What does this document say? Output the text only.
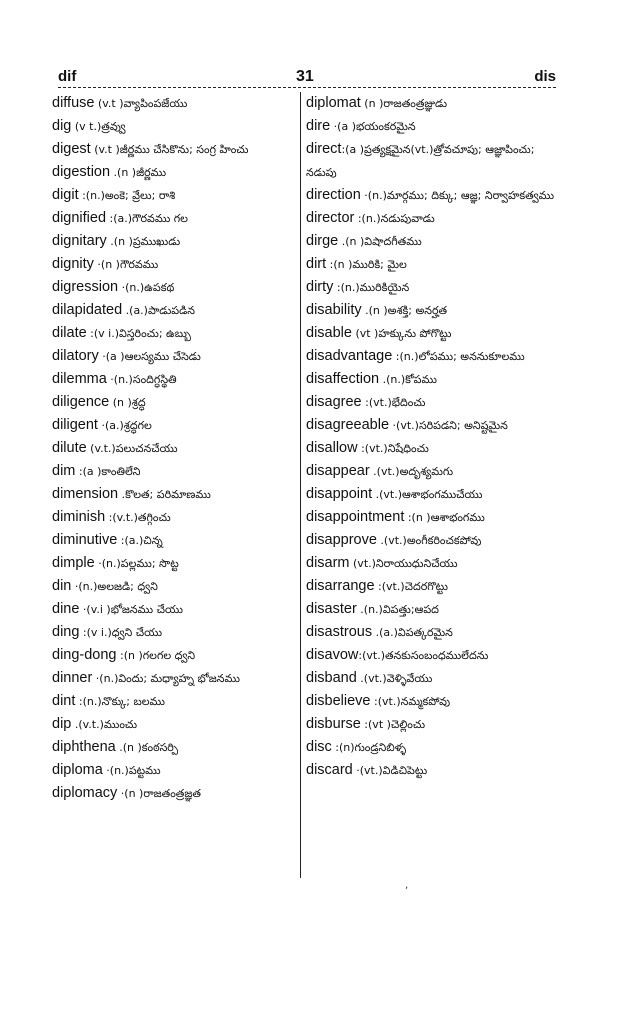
dif	31	dis
diffuse (v.t )వ్యాపింపజేయు
dig (v t.)త్రవ్వు
digest (v.t )జీర్ణము చేసికొను; సంగ్ర హించు
digestion .(n )జీర్ణము
digit :(n.)అంకె; వ్రేలు; రాశి
dignified :(a.)గౌరవము గల
dignitary .(n )ప్రముఖుడు
dignity ·(n )గౌరవము
digression ·(n.)ఉపకథ
dilapidated .(a.)పాడుపడిన
dilate :(v i.)విస్తరించు; ఉబ్బు
dilatory ·(a )ఆలస్యము చేసెడు
dilemma ·(n.)సందిగ్ధస్థితి
diligence (n )శ్రద్ధ
diligent ·(a.)శ్రద్ధగల
dilute (v.t.)పలుచనచేయు
dim :(a )కాంతిలేని
dimension .కొలత; పరిమాణము
diminish :(v.t.)తగ్గించు
diminutive :(a.)చిన్న
dimple ·(n.)పల్లము; సొట్ట
din ·(n.)అలజడి; ధ్వని
dine ·(v.i )భోజనము చేయు
ding :(v i.)ధ్వని చేయు
ding-dong :(n )గలగల ధ్వని
dinner ·(n.)విందు; మధ్యాహ్న భోజనము
dint :(n.)నొక్కు; బలము
dip .(v.t.)ముంచు
diphthena .(n )కంఠసర్పి
diploma ·(n.)పట్టము
diplomacy ·(n )రాజతంత్రజ్ఞత
diplomat (n )రాజతంత్రజ్ఞుడు
dire ·(a )భయంకరమైన
direct:(a )ప్రత్యక్షమైన(vt.)త్రోవచూపు; ఆజ్ఞాపించు; నడుపు
direction ·(n.)మార్గము; దిక్కు; ఆజ్ఞ; నిర్వాహకత్వము
director :(n.)నడుపువాడు
dirge .(n )విషాదగీతము
dirt :(n )మురికి; మైల
dirty :(n.)మురికియైన
disability .(n )అశక్తి; అనర్హత
disable (vt )హక్కును పోగొట్టు
disadvantage :(n.)లోపము; అననుకూలము
disaffection .(n.)కోపము
disagree :(vt.)భేదించు
disagreeable ·(vt.)సరిపడని; అనిష్టమైన
disallow :(vt.)నిషేధించు
disappear .(vt.)అదృశ్యమగు
disappoint .(vt.)ఆశాభంగముచేయు
disappointment :(n )ఆశాభంగము
disapprove .(vt.)అంగీకరించకపోవు
disarm (vt.)నిరాయుధునిచేయు
disarrange :(vt.)చెదరగొట్టు
disaster .(n.)విపత్తు;ఆపద
disastrous .(a.)విపత్కరమైన
disavow:(vt.)తనకుసంబంధములేదను
disband .(vt.)వెళ్ళివేయు
disbelieve :(vt.)నమ్మకపోవు
disburse :(vt )చెల్లించు
disc :(n)గుండ్రనిబిళ్ళ
discard ·(vt.)విడిచిపెట్టు
,
